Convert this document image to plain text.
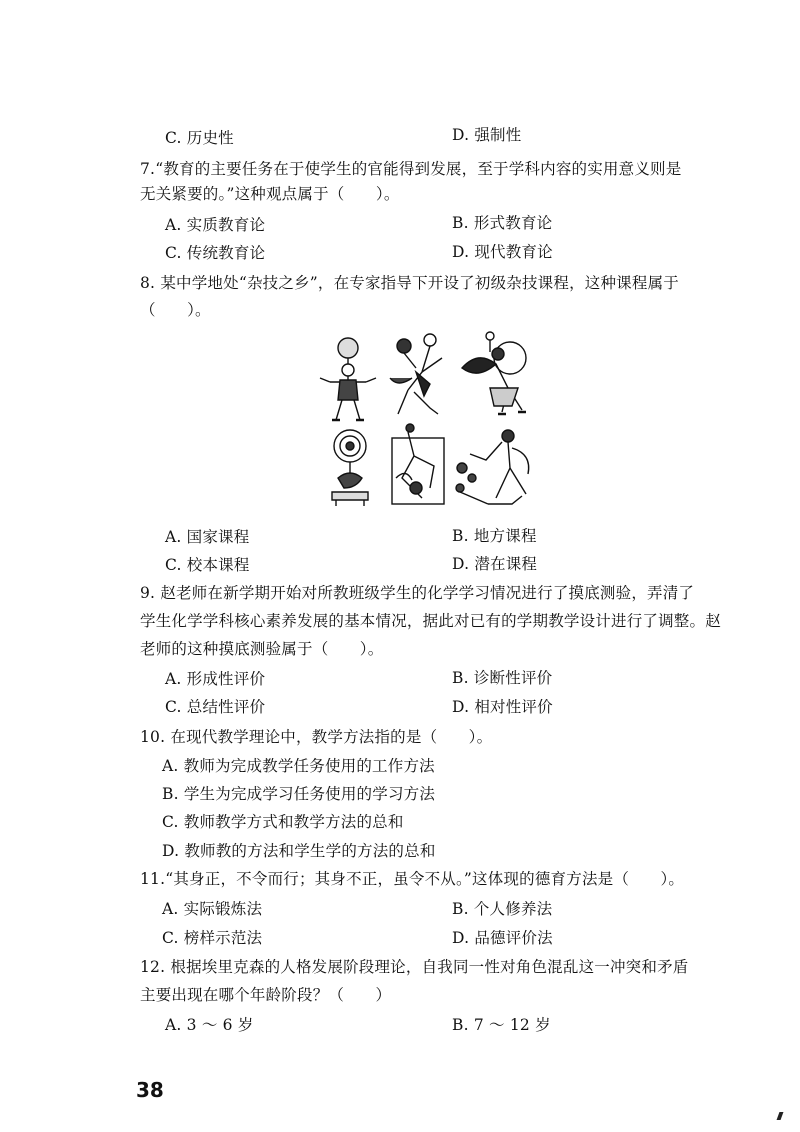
C. 历史性	D. 强制性
7.“教育的主要任务在于使学生的官能得到发展，至于学科内容的实用意义则是
无关紧要的。”这种观点属于（　　）。
A. 实质教育论	B. 形式教育论
C. 传统教育论	D. 现代教育论
8. 某中学地处“杂技之乡”，在专家指导下开设了初级杂技课程，这种课程属于
（　　）。
A. 国家课程	B. 地方课程
C. 校本课程	D. 潜在课程
9. 赵老师在新学期开始对所教班级学生的化学学习情况进行了摸底测验，弄清了
学生化学学科核心素养发展的基本情况，据此对已有的学期教学设计进行了调整。赵
老师的这种摸底测验属于（　　）。
A. 形成性评价	B. 诊断性评价
C. 总结性评价	D. 相对性评价
10. 在现代教学理论中，教学方法指的是（　　）。
A. 教师为完成教学任务使用的工作方法
B. 学生为完成学习任务使用的学习方法
C. 教师教学方式和教学方法的总和
D. 教师教的方法和学生学的方法的总和
11.“其身正，不令而行；其身不正，虽令不从。”这体现的德育方法是（　　）。
A. 实际锻炼法	B. 个人修养法
C. 榜样示范法	D. 品德评价法
12. 根据埃里克森的人格发展阶段理论，自我同一性对角色混乱这一冲突和矛盾
主要出现在哪个年龄阶段？（　　）
A. 3 ～ 6 岁	B. 7 ～ 12 岁
38
